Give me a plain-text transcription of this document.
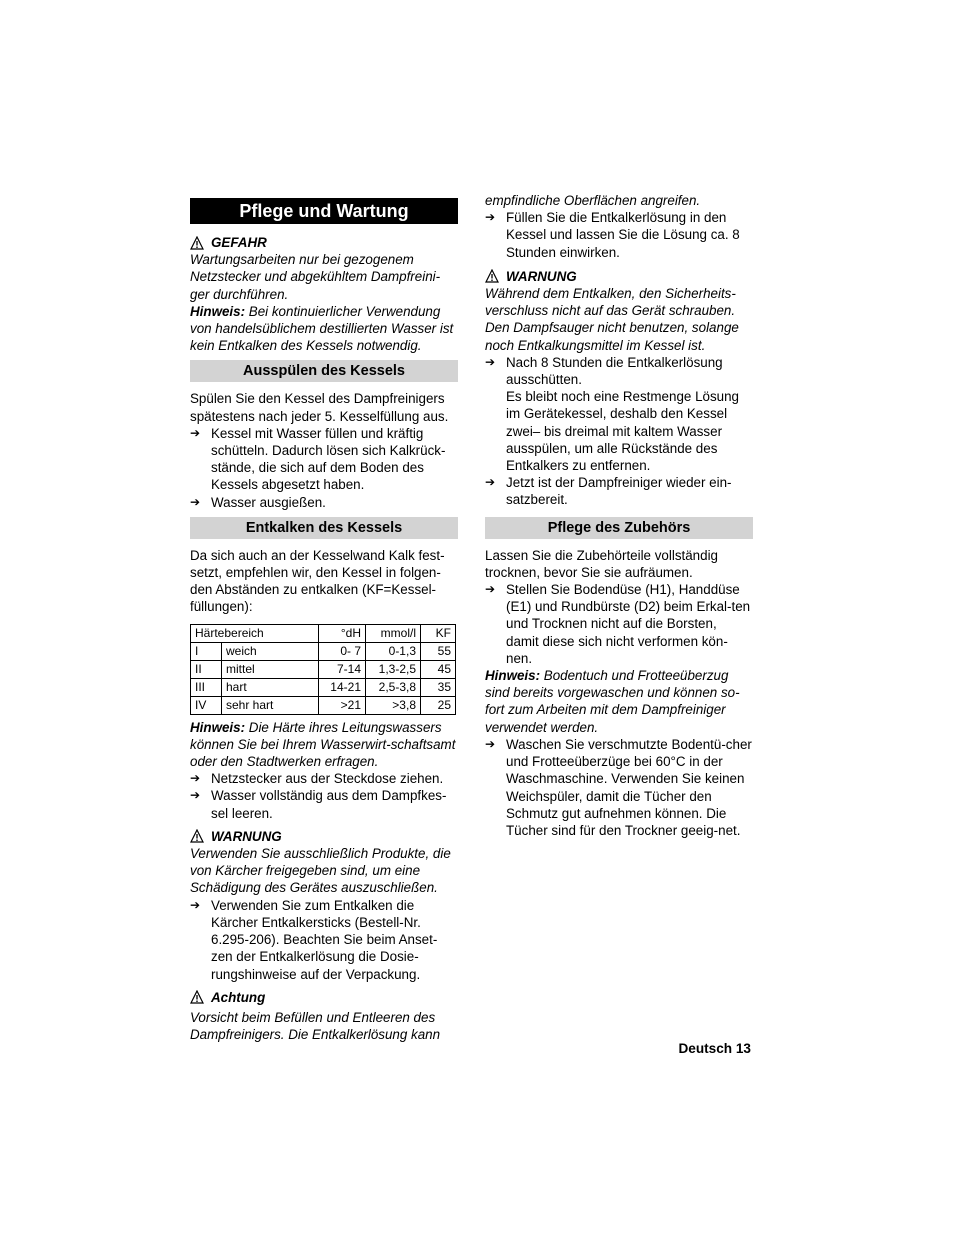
Pflege und Wartung
GEFAHR

Wartungsarbeiten nur bei gezogenem Netzstecker und abgekühltem Dampfreini-ger durchführen.

Hinweis: Bei kontinuierlicher Verwendung von handelsüblichem destillierten Wasser ist kein Entkalken des Kessels notwendig.

Ausspülen des Kessels

Spülen Sie den Kessel des Dampfreinigers spätestens nach jeder 5. Kesselfüllung aus.

➔ Kessel mit Wasser füllen und kräftig schütteln. Dadurch lösen sich Kalkrück-stände, die sich auf dem Boden des Kessels abgesetzt haben.
➔ Wasser ausgießen.
Entkalken des Kessels

Da sich auch an der Kesselwand Kalk fest-setzt, empfehlen wir, den Kessel in folgen-den Abständen zu entkalken (KF=Kessel-füllungen):

Härtebereich		°dH	mmol/l	KF
I	weich	0- 7	0-1,3	55
II	mittel	7-14	1,3-2,5	45
III	hart	14-21	2,5-3,8	35
IV	sehr hart	>21	>3,8	25

Hinweis: Die Härte ihres Leitungswassers können Sie bei Ihrem Wasserwirt-schaftsamt oder den Stadtwerken erfragen.

➔ Netzstecker aus der Steckdose ziehen.
➔ Wasser vollständig aus dem Dampfkes-sel leeren.
WARNUNG

Verwenden Sie ausschließlich Produkte, die von Kärcher freigegeben sind, um eine Schädigung des Gerätes auszuschließen.

➔ Verwenden Sie zum Entkalken die Kärcher Entkalkersticks (Bestell-Nr. 6.295-206). Beachten Sie beim Anset-zen der Entkalkerlösung die Dosie-rungshinweise auf der Verpackung.
Achtung

Vorsicht beim Befüllen und Entleeren des Dampfreinigers. Die Entkalkerlösung kann

empfindliche Oberflächen angreifen.

➔ Füllen Sie die Entkalkerlösung in den Kessel und lassen Sie die Lösung ca. 8 Stunden einwirken.
WARNUNG

Während dem Entkalken, den Sicherheits-verschluss nicht auf das Gerät schrauben. Den Dampfsauger nicht benutzen, solange noch Entkalkungsmittel im Kessel ist.

➔ Nach 8 Stunden die Entkalkerlösung ausschütten.
Es bleibt noch eine Restmenge Lösung im Gerätekessel, deshalb den Kessel zwei– bis dreimal mit kaltem Wasser ausspülen, um alle Rückstände des Entkalkers zu entfernen.
➔ Jetzt ist der Dampfreiniger wieder ein-satzbereit.
Pflege des Zubehörs

Lassen Sie die Zubehörteile vollständig trocknen, bevor Sie sie aufräumen.

➔ Stellen Sie Bodendüse (H1), Handdüse (E1) und Rundbürste (D2) beim Erkal-ten und Trocknen nicht auf die Borsten, damit diese sich nicht verformen kön-nen.

Hinweis: Bodentuch und Frotteeüberzug sind bereits vorgewaschen und können so-fort zum Arbeiten mit dem Dampfreiniger verwendet werden.

➔ Waschen Sie verschmutzte Bodentü-cher und Frotteeüberzüge bei 60°C in der Waschmaschine. Verwenden Sie keinen Weichspüler, damit die Tücher den Schmutz gut aufnehmen können. Die Tücher sind für den Trockner geeig-net.
Deutsch 13
